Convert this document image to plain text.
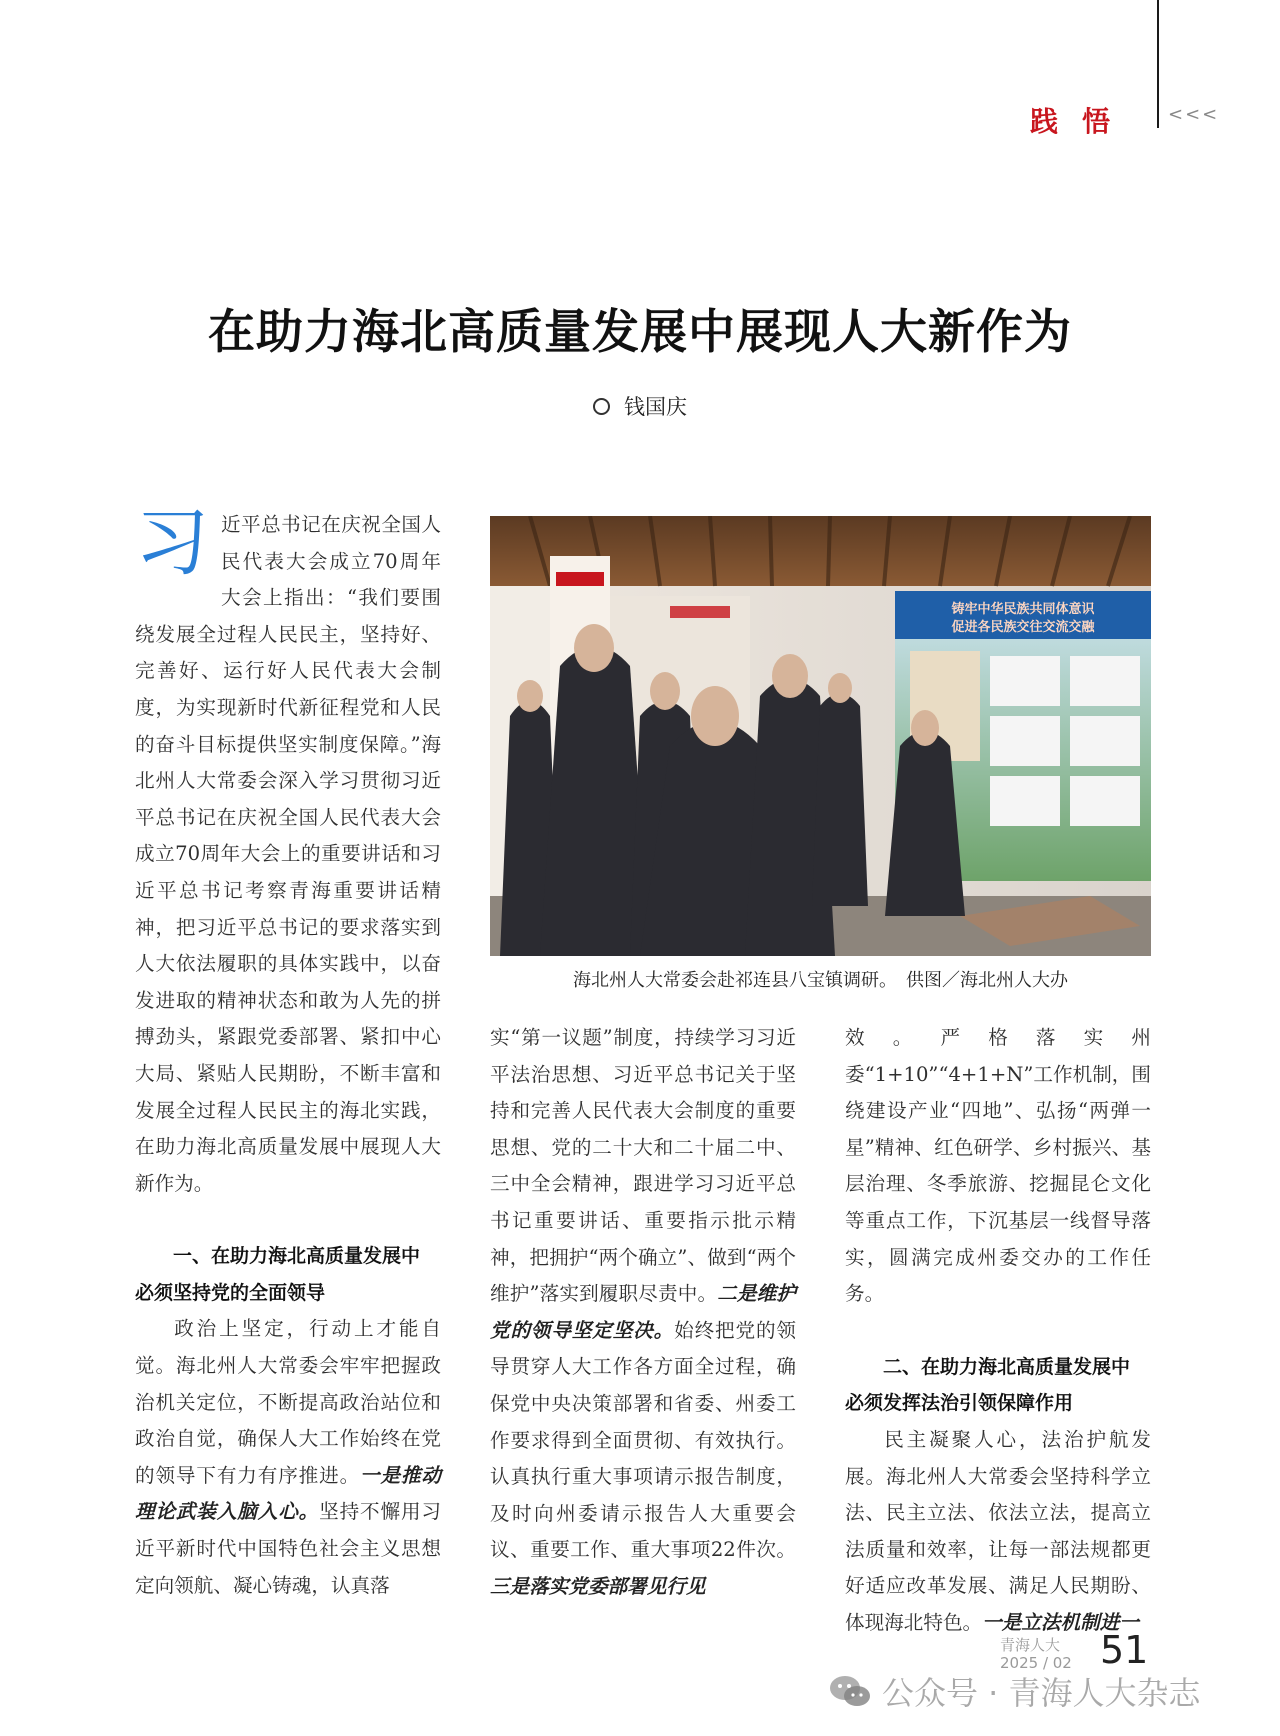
践悟 <<<
在助力海北高质量发展中展现人大新作为
钱国庆

习近平总书记在庆祝全国人民代表大会成立70周年大会上指出：“我们要围绕发展全过程人民民主，坚持好、完善好、运行好人民代表大会制度，为实现新时代新征程党和人民的奋斗目标提供坚实制度保障。”海北州人大常委会深入学习贯彻习近平总书记在庆祝全国人民代表大会成立70周年大会上的重要讲话和习近平总书记考察青海重要讲话精神，把习近平总书记的要求落实到人大依法履职的具体实践中，以奋发进取的精神状态和敢为人先的拼搏劲头，紧跟党委部署、紧扣中心大局、紧贴人民期盼，不断丰富和发展全过程人民民主的海北实践，在助力海北高质量发展中展现人大新作为。

一、在助力海北高质量发展中
必须坚持党的全面领导

政治上坚定，行动上才能自觉。海北州人大常委会牢牢把握政治机关定位，不断提高政治站位和政治自觉，确保人大工作始终在党的领导下有力有序推进。一是推动理论武装入脑入心。坚持不懈用习近平新时代中国特色社会主义思想定向领航、凝心铸魂，认真落

铸牢中华民族共同体意识
促进各民族交往交流交融
海北州人大常委会赴祁连县八宝镇调研。　供图／海北州人大办

实“第一议题”制度，持续学习习近平法治思想、习近平总书记关于坚持和完善人民代表大会制度的重要思想、党的二十大和二十届二中、三中全会精神，跟进学习习近平总书记重要讲话、重要指示批示精神，把拥护“两个确立”、做到“两个维护”落实到履职尽责中。二是维护党的领导坚定坚决。始终把党的领导贯穿人大工作各方面全过程，确保党中央决策部署和省委、州委工作要求得到全面贯彻、有效执行。认真执行重大事项请示报告制度，及时向州委请示报告人大重要会议、重要工作、重大事项22件次。三是落实党委部署见行见

效。严格落实州委“1+10”“4+1+N”工作机制，围绕建设产业“四地”、弘扬“两弹一星”精神、红色研学、乡村振兴、基层治理、冬季旅游、挖掘昆仑文化等重点工作，下沉基层一线督导落实，圆满完成州委交办的工作任务。

二、在助力海北高质量发展中
必须发挥法治引领保障作用

民主凝聚人心，法治护航发展。海北州人大常委会坚持科学立法、民主立法、依法立法，提高立法质量和效率，让每一部法规都更好适应改革发展、满足人民期盼、体现海北特色。一是立法机制进一

青海人大
2025 / 02 51
公众号 · 青海人大杂志
